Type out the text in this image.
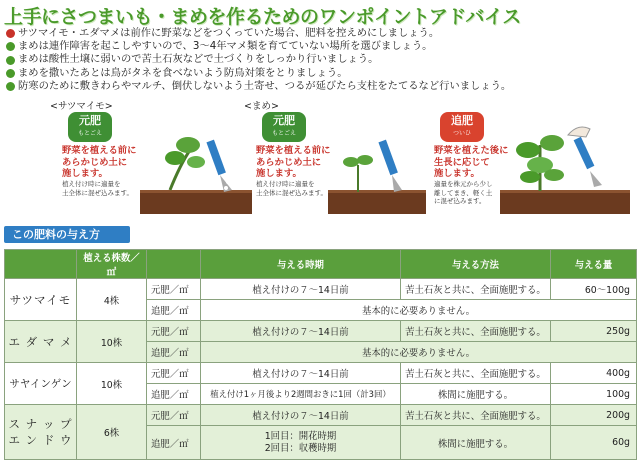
上手にさつまいも・まめを作るためのワンポイントアドバイス
サツマイモ・エダマメは前作に野菜などをつくっていた場合、肥料を控えめにしましょう。
まめは連作障害を起こしやすいので、3～4年マメ類を育てていない場所を選びましょう。
まめは酸性土壌に弱いので苦土石灰などで土づくりをしっかり行いましょう。
まめを撒いたあとは鳥がタネを食べないよう防鳥対策をとりましょう。
防寒のために敷きわらやマルチ、倒伏しないよう土寄せ、つるが延びたら支柱をたてるなど行いましょう。
<サツマイモ>	<まめ>
元肥
もとごえ
野菜を植える前に
あらかじめ土に
施します。
植え付け時に適量を
土全体に混ぜ込みます。
元肥
もとごえ
野菜を植える前に
あらかじめ土に
施します。
植え付け時に適量を
土全体に混ぜ込みます。
追肥
ついひ
野菜を植えた後に
生長に応じて
施します。
適量を株元から少し
離してまき、軽く土
に混ぜ込みます。
この肥料の与え方
	植える株数／㎡		与える時期	与える方法	与える量
サツマイモ	4株	元肥／㎡	植え付けの７～14日前	苦土石灰と共に、全面施肥する。	60～100g
		追肥／㎡	基本的に必要ありません。		
エ ダ マ メ	10株	元肥／㎡	植え付けの７～14日前	苦土石灰と共に、全面施肥する。	250g
		追肥／㎡	基本的に必要ありません。		
サヤインゲン	10株	元肥／㎡	植え付けの７～14日前	苦土石灰と共に、全面施肥する。	400g
		追肥／㎡	植え付け1ヶ月後より2週間おきに1回（計3回）	株間に施肥する。	100g
ス ナ ッ プ
エ ン ド ウ	6株	元肥／㎡	植え付けの７～14日前	苦土石灰と共に、全面施肥する。	200g
		追肥／㎡	1回目：開花時期
2回目：収穫時期	株間に施肥する。	60g
